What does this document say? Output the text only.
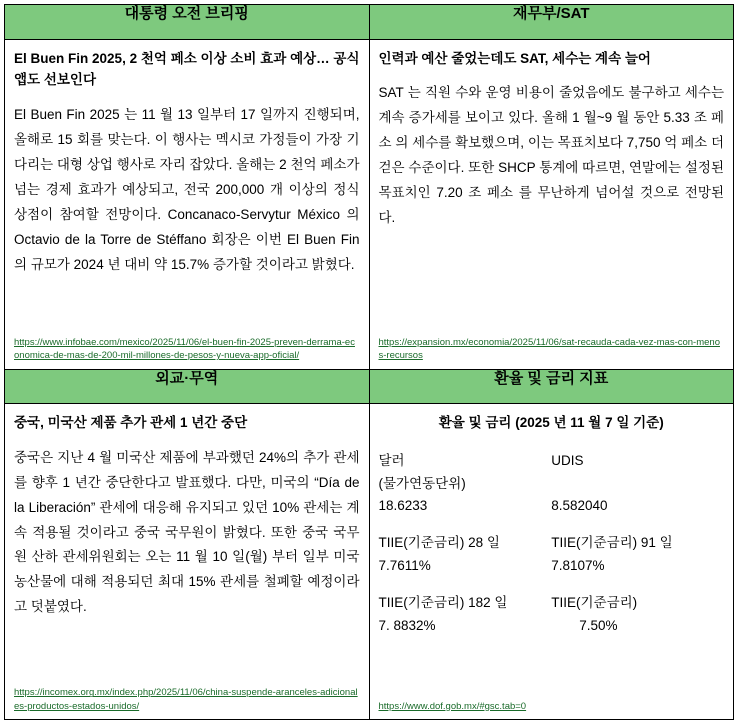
대통령 오전 브리핑	재무부/SAT

El Buen Fin 2025, 2 천억 페소 이상 소비 효과 예상… 공식 앱도 선보인다

El Buen Fin 2025 는 11 월 13 일부터 17 일까지 진행되며, 올해로 15 회를 맞는다. 이 행사는 멕시코 가정들이 가장 기다리는 대형 상업 행사로 자리 잡았다. 올해는 2 천억 페소가 넘는 경제 효과가 예상되고, 전국 200,000 개 이상의 정식 상점이 참여할 전망이다. Concanaco-Servytur México 의 Octavio de la Torre de Stéffano 회장은 이번 El Buen Fin 의 규모가 2024 년 대비 약 15.7% 증가할 것이라고 밝혔다.

https://www.infobae.com/mexico/2025/11/06/el-buen-fin-2025-preven-derrama-economica-de-mas-de-200-mil-millones-de-pesos-y-nueva-app-oficial/

인력과 예산 줄었는데도 SAT, 세수는 계속 늘어

SAT 는 직원 수와 운영 비용이 줄었음에도 불구하고 세수는 계속 증가세를 보이고 있다. 올해 1 월~9 월 동안 5.33 조 페소 의 세수를 확보했으며, 이는 목표치보다 7,750 억 페소 더 걷은 수준이다. 또한 SHCP 통계에 따르면, 연말에는 설정된 목표치인 7.20 조 페소 를 무난하게 넘어설 것으로 전망된다.

https://expansion.mx/economia/2025/11/06/sat-recauda-cada-vez-mas-con-menos-recursos

외교·무역	환율 및 금리 지표

중국, 미국산 제품 추가 관세 1 년간 중단

중국은 지난 4 월 미국산 제품에 부과했던 24%의 추가 관세를 향후 1 년간 중단한다고 발표했다. 다만, 미국의 “Día de la Liberación” 관세에 대응해 유지되고 있던 10% 관세는 계속 적용될 것이라고 중국 국무원이 밝혔다. 또한 중국 국무원 산하 관세위원회는 오는 11 월 10 일(월) 부터 일부 미국 농산물에 대해 적용되던 최대 15% 관세를 철폐할 예정이라고 덧붙였다.

https://incomex.org.mx/index.php/2025/11/06/china-suspende-aranceles-adicionales-productos-estados-unidos/

환율 및 금리 (2025 년 11 월 7 일 기준)

달러	UDIS
(물가연동단위)	
18.6233	8.582040

TIIE(기준금리) 28 일	TIIE(기준금리) 91 일
7.7611%	7.8107%

TIIE(기준금리) 182 일	TIIE(기준금리)
7. 8832%	7.50%
https://www.dof.gob.mx/#gsc.tab=0
